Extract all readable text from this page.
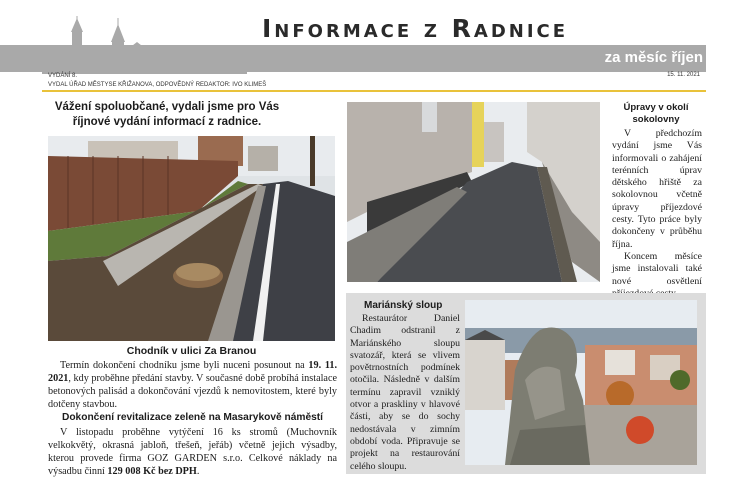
Informace z Radnice
za měsíc říjen
VYDÁNÍ 8.
VYDAL ÚŘAD MĚSTYSE KŘIŽANOVA, ODPOVĚDNÝ REDAKTOR: IVO KLIMEŠ
15. 11. 2021
Vážení spoluobčané, vydali jsme pro Vás říjnové vydání informací z radnice.
Chodník v ulici Za Branou

Termín dokončení chodníku jsme byli nuceni posunout na 19. 11. 2021, kdy proběhne předání stavby. V současné době probíhá instalace betonových palisád a dokončování vjezdů k nemovitostem, které byly dotčeny stavbou.

Dokončení revitalizace zeleně na Masarykově náměstí

V listopadu proběhne vytýčení 16 ks stromů (Muchovník velkokvětý, okrasná jabloň, třešeň, jeřáb) včetně jejich výsadby, kterou provede firma GOZ GARDEN s.r.o. Celkové náklady na výsadbu činní 129 008 Kč bez DPH.

Úpravy v okolí sokolovny

V předchozím vydání jsme Vás informovali o zahájení terénních úprav dětského hřiště za sokolovnou včetně úpravy příjezdové cesty. Tyto práce byly dokončeny v průběhu října.

Koncem měsíce jsme instalovali také nové osvětlení

Mariánský sloup

Restaurátor Daniel Chadim odstranil z Mariánského sloupu svatozář, která se vlivem povětrnostních podmínek otočila. Následně v dalším termínu zapravil vzniklý otvor a praskliny v hlavové části, aby se do sochy nedostávala v zimním období voda. Připravuje se projekt na restaurování celého sloupu.
